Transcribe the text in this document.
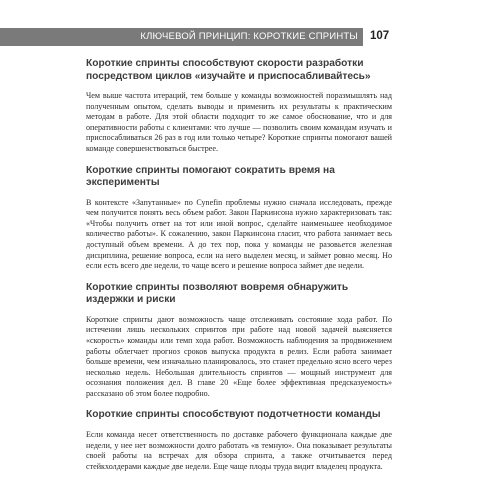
КЛЮЧЕВОЙ ПРИНЦИП: КОРОТКИЕ СПРИНТЫ 107
Короткие спринты способствуют скорости разработки посредством циклов «изучайте и приспосабливайтесь»

Чем выше частота итераций, тем больше у команды возможностей поразмышлять над полученным опытом, сделать выводы и применить их результаты к практическим методам в работе. Для этой области подходит то же самое обоснование, что и для оперативности работы с клиентами: что лучше — позволить своим командам изучать и приспосабливаться 26 раз в год или только четыре? Короткие спринты помогают вашей команде совершенствоваться быстрее.

Короткие спринты помогают сократить время на эксперименты

В контексте «Запутанные» по Суnefin проблемы нужно сначала исследовать, прежде чем получится понять весь объем работ. Закон Паркинсона нужно характеризовать так: «Чтобы получить ответ на тот или иной вопрос, сделайте наименьшее необходимое количество работы». К сожалению, закон Паркинсона гласит, что работа занимает весь доступный объем времени. А до тех пор, пока у команды не разовьется железная дисциплина, решение вопроса, если на него выделен месяц, и займет ровно месяц. Но если есть всего две недели, то чаще всего и решение вопроса займет две недели.

Короткие спринты позволяют вовремя обнаружить издержки и риски

Короткие спринты дают возможность чаще отслеживать состояние хода работ. По истечении лишь нескольких спринтов при работе над новой задачей выясняется «скорость» команды или темп хода работ. Возможность наблюдения за продвижением работы облегчает прогноз сроков выпуска продукта в релиз. Если работа занимает больше времени, чем изначально планировалось, это станет предельно ясно всего через несколько недель. Небольшая длительность спринтов — мощный инструмент для осознания положения дел. В главе 20 «Еще более эффективная предсказуемость» рассказано об этом более подробно.

Короткие спринты способствуют подотчетности команды

Если команда несет ответственность по доставке рабочего функционала каждые две недели, у нее нет возможности долго работать «в темную». Она показывает результаты своей работы на встречах для обзора спринта, а также отчитывается перед стейкхолдерами каждые две недели. Еще чаще плоды труда видит владелец продукта.
